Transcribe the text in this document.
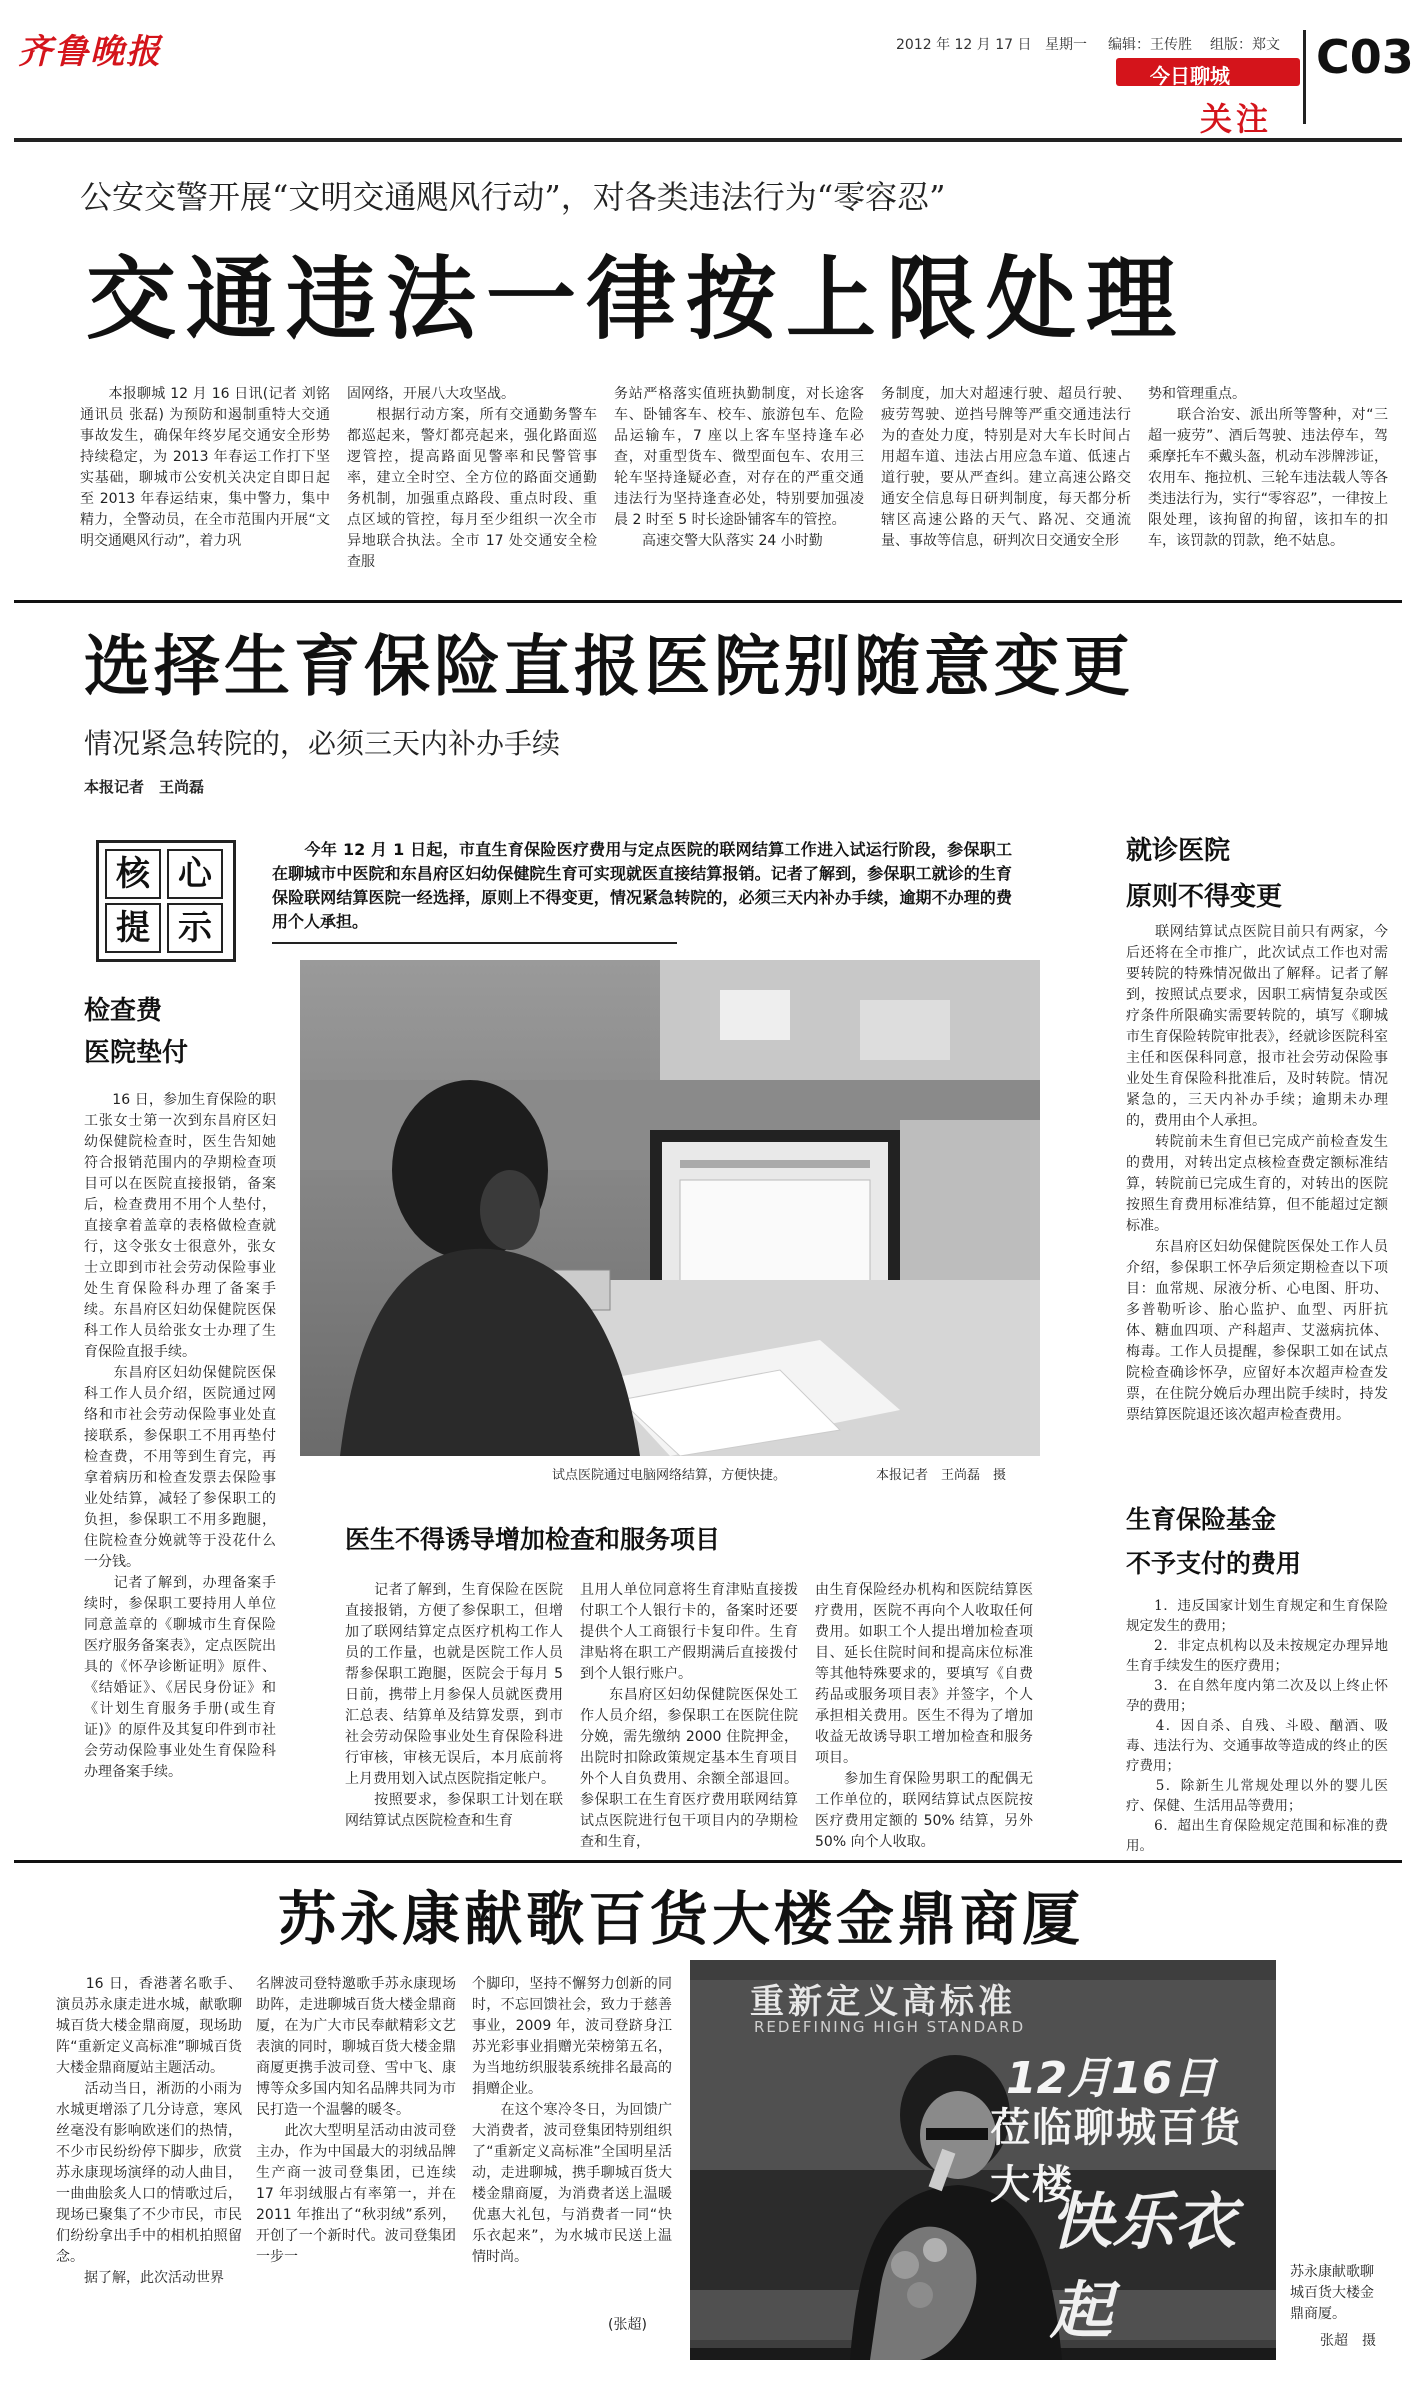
齐鲁晚报	2012 年 12 月 17 日 星期一 编辑：王传胜 组版：郑文
今日聊城
关注
C03
公安交警开展“文明交通飓风行动”，对各类违法行为“零容忍”
交通违法一律按上限处理
　　本报聊城 12 月 16 日讯(记者 刘铭 通讯员 张磊) 为预防和遏制重特大交通事故发生，确保年终岁尾交通安全形势持续稳定，为 2013 年春运工作打下坚实基础，聊城市公安机关决定自即日起至 2013 年春运结束，集中警力，集中精力，全警动员，在全市范围内开展“文明交通飓风行动”，着力巩
固网络，开展八大攻坚战。
　　根据行动方案，所有交通勤务警车都巡起来，警灯都亮起来，强化路面巡逻管控，提高路面见警率和民警管事率，建立全时空、全方位的路面交通勤务机制，加强重点路段、重点时段、重点区域的管控，每月至少组织一次全市异地联合执法。全市 17 处交通安全检查服
务站严格落实值班执勤制度，对长途客车、卧铺客车、校车、旅游包车、危险品运输车，7 座以上客车坚持逢车必查，对重型货车、微型面包车、农用三轮车坚持逢疑必查，对存在的严重交通违法行为坚持逢查必处，特别要加强凌晨 2 时至 5 时长途卧铺客车的管控。
　　高速交警大队落实 24 小时勤
务制度，加大对超速行驶、超员行驶、疲劳驾驶、逆挡号牌等严重交通违法行为的查处力度，特别是对大车长时间占用超车道、违法占用应急车道、低速占道行驶，要从严查纠。建立高速公路交通安全信息每日研判制度，每天都分析辖区高速公路的天气、路况、交通流量、事故等信息，研判次日交通安全形
势和管理重点。
　　联合治安、派出所等警种，对“三超一疲劳”、酒后驾驶、违法停车，驾乘摩托车不戴头盔，机动车涉牌涉证，农用车、拖拉机、三轮车违法载人等各类违法行为，实行“零容忍”，一律按上限处理，该拘留的拘留，该扣车的扣车，该罚款的罚款，绝不姑息。
选择生育保险直报医院别随意变更
情况紧急转院的，必须三天内补办手续
本报记者　王尚磊
核 心
提 示
　　今年 12 月 1 日起，市直生育保险医疗费用与定点医院的联网结算工作进入试运行阶段，参保职工在聊城市中医院和东昌府区妇幼保健院生育可实现就医直接结算报销。记者了解到，参保职工就诊的生育保险联网结算医院一经选择，原则上不得变更，情况紧急转院的，必须三天内补办手续，逾期不办理的费用个人承担。
检查费
医院垫付
　　16 日，参加生育保险的职工张女士第一次到东昌府区妇幼保健院检查时，医生告知她符合报销范围内的孕期检查项目可以在医院直接报销，备案后，检查费用不用个人垫付，直接拿着盖章的表格做检查就行，这令张女士很意外，张女士立即到市社会劳动保险事业处生育保险科办理了备案手续。东昌府区妇幼保健院医保科工作人员给张女士办理了生育保险直报手续。
　　东昌府区妇幼保健院医保科工作人员介绍，医院通过网络和市社会劳动保险事业处直接联系，参保职工不用再垫付检查费，不用等到生育完，再拿着病历和检查发票去保险事业处结算，减轻了参保职工的负担，参保职工不用多跑腿，住院检查分娩就等于没花什么一分钱。
　　记者了解到，办理备案手续时，参保职工要持用人单位同意盖章的《聊城市生育保险医疗服务备案表》，定点医院出具的《怀孕诊断证明》原件、《结婚证》、《居民身份证》和《计划生育服务手册(或生育证)》的原件及其复印件到市社会劳动保险事业处生育保险科办理备案手续。
试点医院通过电脑网络结算，方便快捷。	本报记者　王尚磊　摄
医生不得诱导增加检查和服务项目
　　记者了解到，生育保险在医院直接报销，方便了参保职工，但增加了联网结算定点医疗机构工作人员的工作量，也就是医院工作人员帮参保职工跑腿，医院会于每月 5 日前，携带上月参保人员就医费用汇总表、结算单及结算发票，到市社会劳动保险事业处生育保险科进行审核，审核无误后，本月底前将上月费用划入试点医院指定帐户。
　　按照要求，参保职工计划在联网结算试点医院检查和生育
且用人单位同意将生育津贴直接拨付职工个人银行卡的，备案时还要提供个人工商银行卡复印件。生育津贴将在职工产假期满后直接拨付到个人银行账户。
　　东昌府区妇幼保健院医保处工作人员介绍，参保职工在医院住院分娩，需先缴纳 2000 住院押金，出院时扣除政策规定基本生育项目外个人自负费用、余额全部退回。参保职工在生育医疗费用联网结算试点医院进行包干项目内的孕期检查和生育，
由生育保险经办机构和医院结算医疗费用，医院不再向个人收取任何费用。如职工个人提出增加检查项目、延长住院时间和提高床位标准等其他特殊要求的，要填写《自费药品或服务项目表》并签字，个人承担相关费用。医生不得为了增加收益无故诱导职工增加检查和服务项目。
　　参加生育保险男职工的配偶无工作单位的，联网结算试点医院按医疗费用定额的 50% 结算，另外 50% 向个人收取。
就诊医院
原则不得变更
　　联网结算试点医院目前只有两家，今后还将在全市推广，此次试点工作也对需要转院的特殊情况做出了解释。记者了解到，按照试点要求，因职工病情复杂或医疗条件所限确实需要转院的，填写《聊城市生育保险转院审批表》，经就诊医院科室主任和医保科同意，报市社会劳动保险事业处生育保险科批准后，及时转院。情况紧急的，三天内补办手续；逾期未办理的，费用由个人承担。
　　转院前未生育但已完成产前检查发生的费用，对转出定点核检查费定额标准结算，转院前已完成生育的，对转出的医院按照生育费用标准结算，但不能超过定额标准。
　　东昌府区妇幼保健院医保处工作人员介绍，参保职工怀孕后须定期检查以下项目：血常规、尿液分析、心电图、肝功、多普勒听诊、胎心监护、血型、丙肝抗体、糖血四项、产科超声、艾滋病抗体、梅毒。工作人员提醒，参保职工如在试点院检查确诊怀孕，应留好本次超声检查发票，在住院分娩后办理出院手续时，持发票结算医院退还该次超声检查费用。
生育保险基金
不予支付的费用
　　1．违反国家计划生育规定和生育保险规定发生的费用；
　　2．非定点机构以及未按规定办理异地生育手续发生的医疗费用；
　　3．在自然年度内第二次及以上终止怀孕的费用；
　　4．因自杀、自残、斗殴、酗酒、吸毒、违法行为、交通事故等造成的终止的医疗费用；
　　5．除新生儿常规处理以外的婴儿医疗、保健、生活用品等费用；
　　6．超出生育保险规定范围和标准的费用。
苏永康献歌百货大楼金鼎商厦
　　16 日，香港著名歌手、演员苏永康走进水城，献歌聊城百货大楼金鼎商厦，现场助阵“重新定义高标准”聊城百货大楼金鼎商厦站主题活动。
　　活动当日，淅沥的小雨为水城更增添了几分诗意，寒风丝毫没有影响欧迷们的热情，不少市民纷纷停下脚步，欣赏苏永康现场演绎的动人曲目，一曲曲脍炙人口的情歌过后，现场已聚集了不少市民，市民们纷纷拿出手中的相机拍照留念。
　　据了解，此次活动世界
名牌波司登特邀歌手苏永康现场助阵，走进聊城百货大楼金鼎商厦，在为广大市民奉献精彩文艺表演的同时，聊城百货大楼金鼎商厦更携手波司登、雪中飞、康博等众多国内知名品牌共同为市民打造一个温馨的暖冬。
　　此次大型明星活动由波司登主办，作为中国最大的羽绒品牌生产商一波司登集团，已连续 17 年羽绒服占有率第一，并在 2011 年推出了“秋羽绒”系列，开创了一个新时代。波司登集团一步一
个脚印，坚持不懈努力创新的同时，不忘回馈社会，致力于慈善事业，2009 年，波司登跻身江苏光彩事业捐赠光荣榜第五名，为当地纺织服装系统排名最高的捐赠企业。
　　在这个寒冷冬日，为回馈广大消费者，波司登集团特别组织了“重新定义高标准”全国明星活动，走进聊城，携手聊城百货大楼金鼎商厦，为消费者送上温暖优惠大礼包，与消费者一同“快乐衣起来”，为水城市民送上温情时尚。
(张超)
重新定义高标准
REDEFINING HIGH STANDARD
12月16日
莅临聊城百货大楼
快乐衣起
苏永康献歌聊城百货大楼金鼎商厦。
张超　摄
